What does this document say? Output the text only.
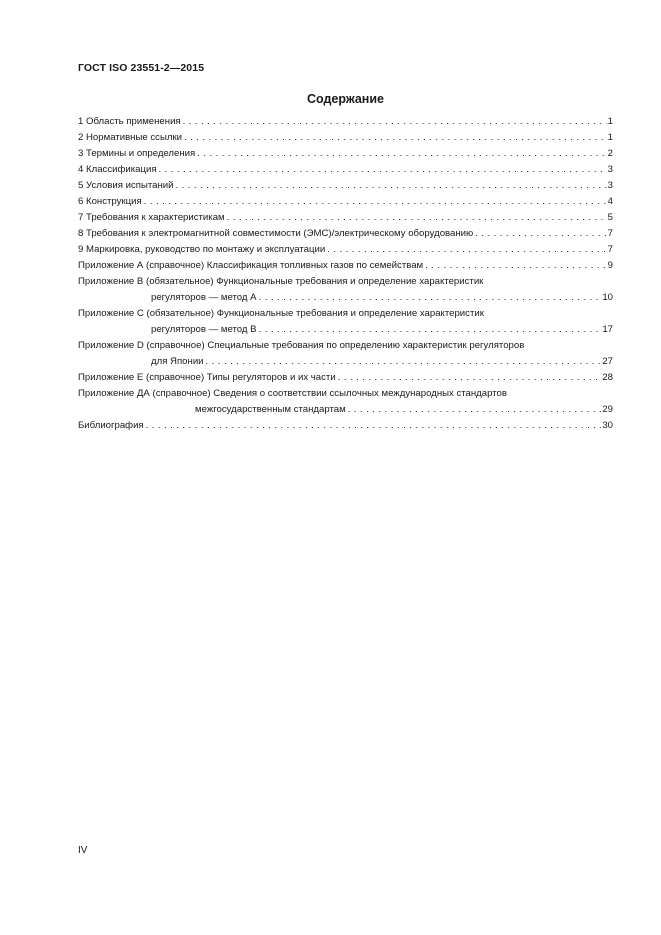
ГОСТ ISO 23551-2—2015
Содержание
1 Область применения . . .	1
2 Нормативные ссылки . . .	1
3 Термины и определения . . .	2
4 Классификация . . .	3
5 Условия испытаний . . .	3
6 Конструкция . . .	4
7 Требования к характеристикам . . .	5
8 Требования к электромагнитной совместимости (ЭМС)/электрическому оборудованию . . .	7
9 Маркировка, руководство по монтажу и эксплуатации . . .	7
Приложение А (справочное) Классификация топливных газов по семействам . . .	9
Приложение В (обязательное) Функциональные требования и определение характеристик
регуляторов — метод А . . .	10
Приложение С (обязательное) Функциональные требования и определение характеристик
регуляторов — метод В . . .	17
Приложение D (справочное) Специальные требования по определению характеристик регуляторов
для Японии . . .	27
Приложение Е (справочное) Типы регуляторов и их части . . .	28
Приложение ДА (справочное) Сведения о соответствии ссылочных международных стандартов
межгосударственным стандартам . . .	29
Библиография . . .	30
IV
